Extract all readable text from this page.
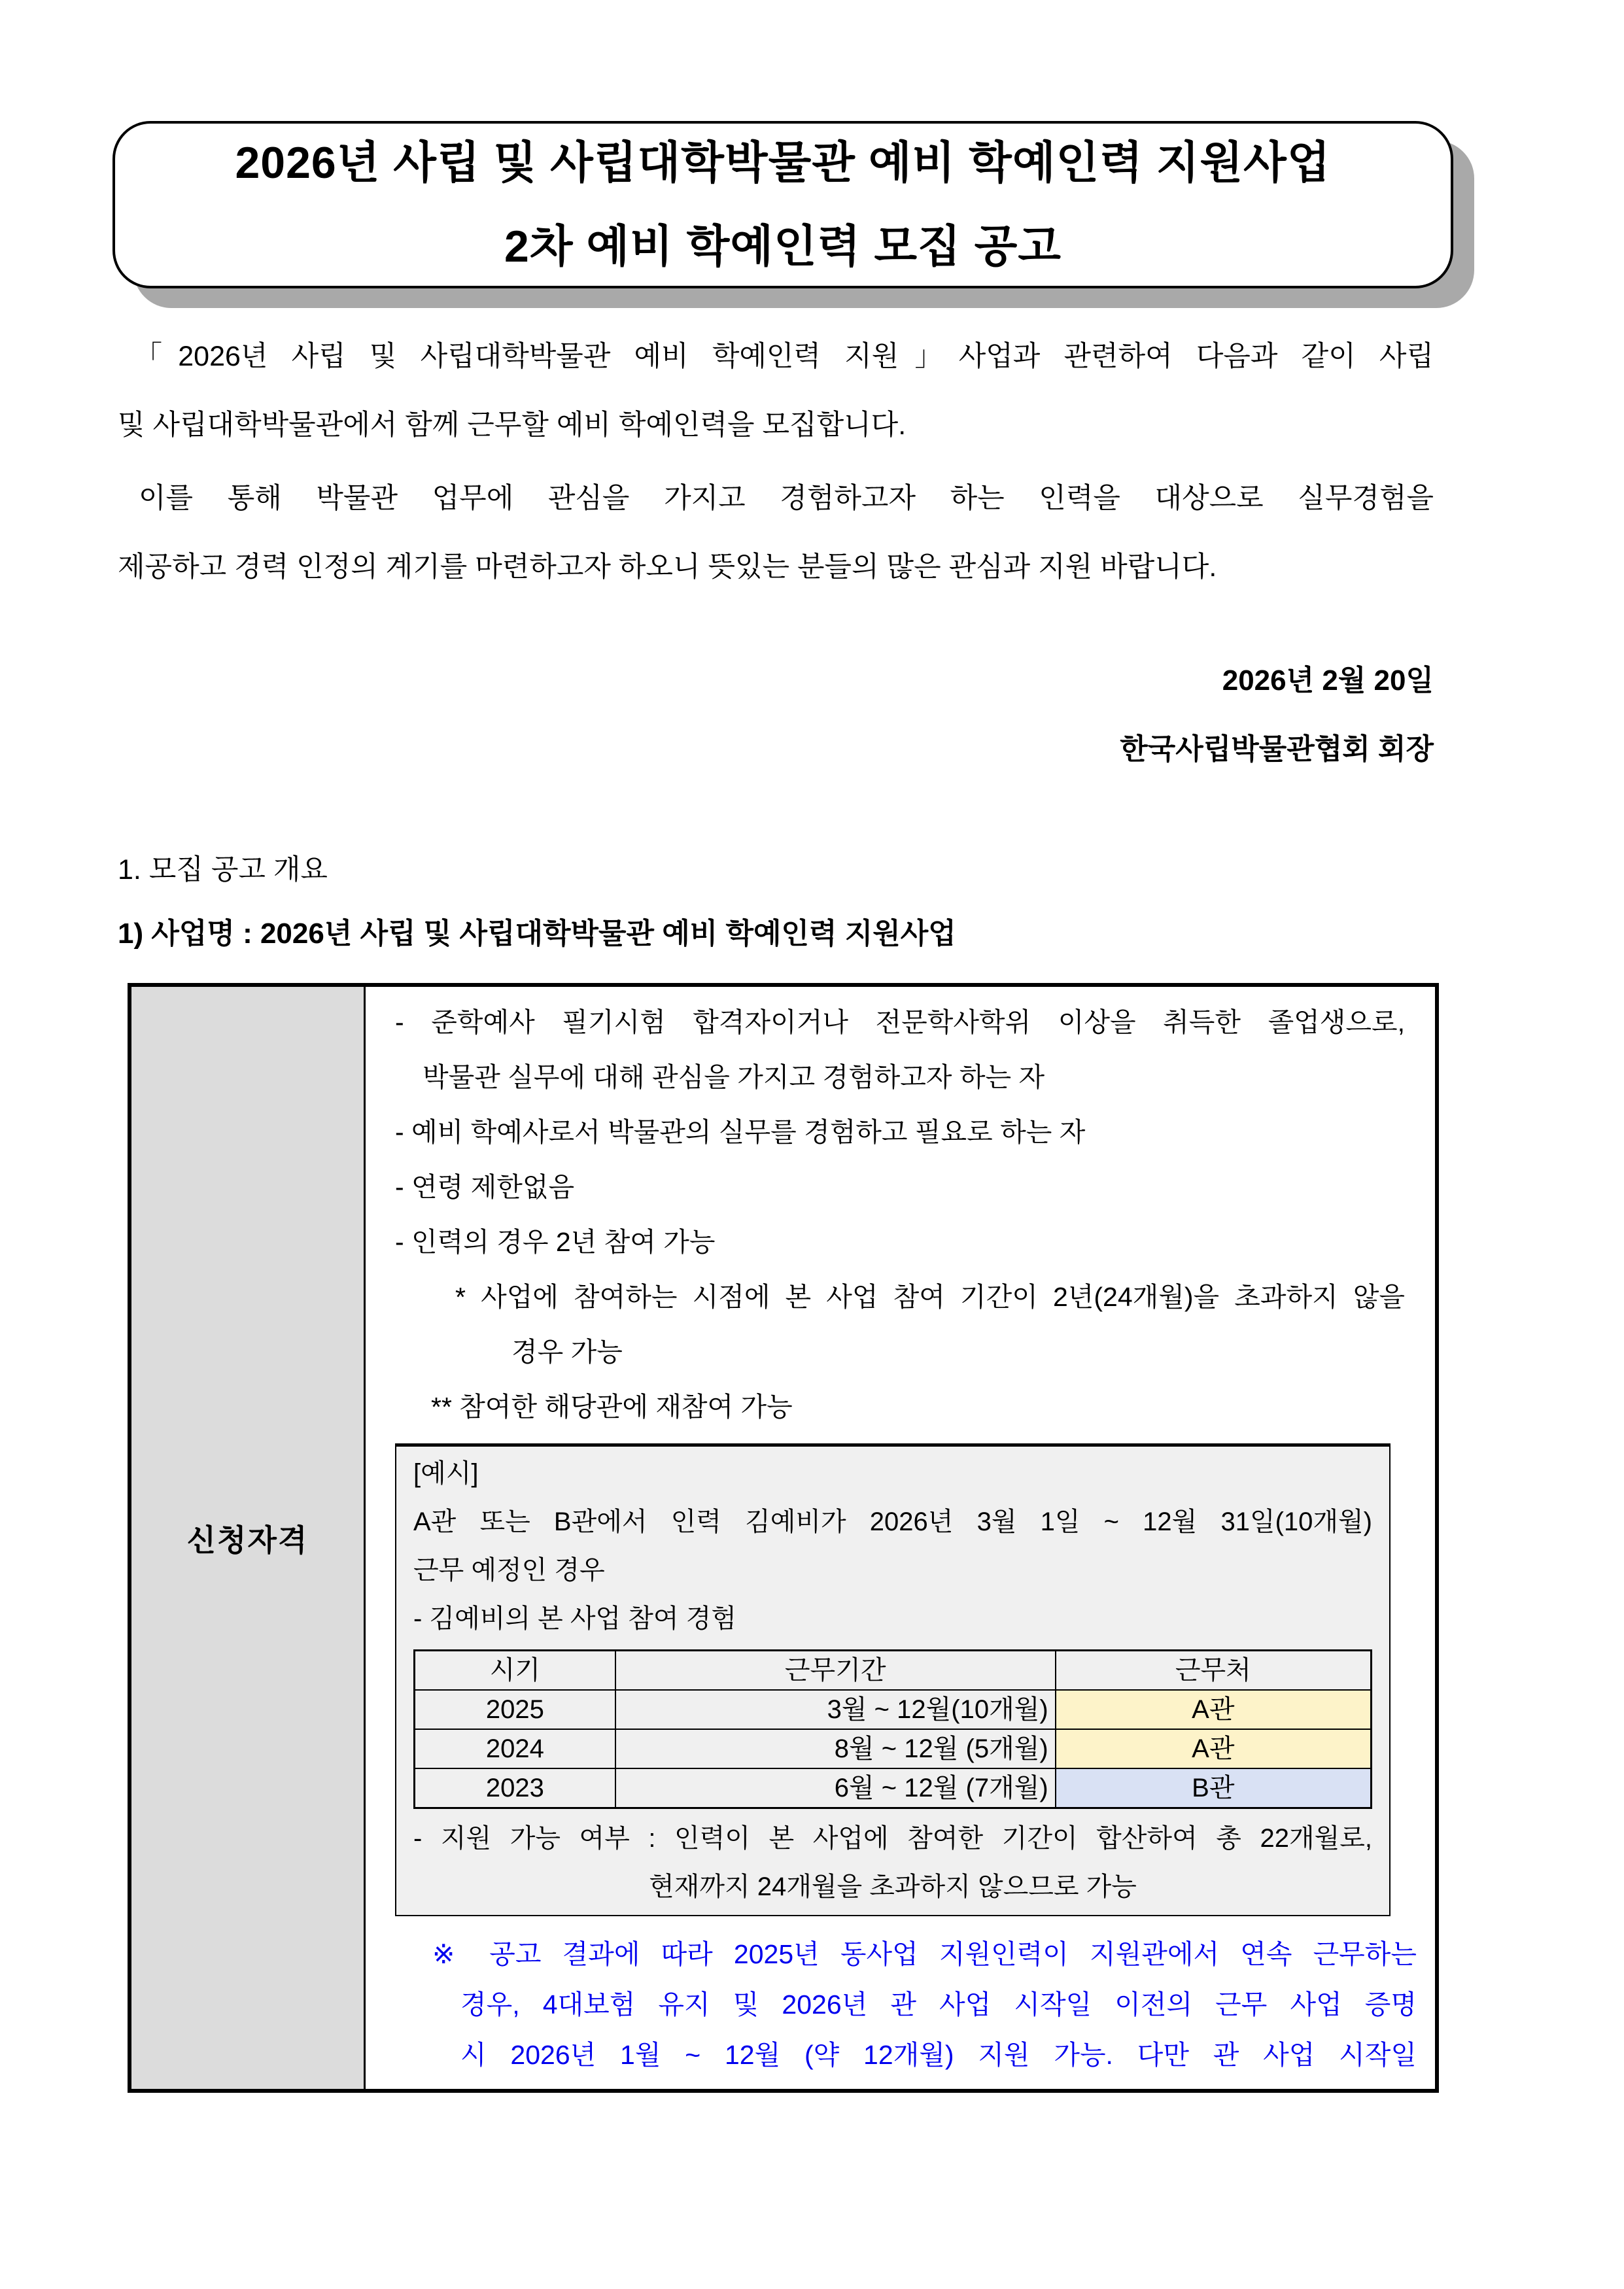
2026년 사립 및 사립대학박물관 예비 학예인력 지원사업
2차 예비 학예인력 모집 공고
「2026년 사립 및 사립대학박물관 예비 학예인력 지원」사업과 관련하여 다음과 같이 사립
및 사립대학박물관에서 함께 근무할 예비 학예인력을 모집합니다.
이를 통해 박물관 업무에 관심을 가지고 경험하고자 하는 인력을 대상으로 실무경험을
제공하고 경력 인정의 계기를 마련하고자 하오니 뜻있는 분들의 많은 관심과 지원 바랍니다.
2026년 2월 20일
한국사립박물관협회 회장
1. 모집 공고 개요
1) 사업명 : 2026년 사립 및 사립대학박물관 예비 학예인력 지원사업
신청자격
- 준학예사 필기시험 합격자이거나 전문학사학위 이상을 취득한 졸업생으로,
박물관 실무에 대해 관심을 가지고 경험하고자 하는 자
- 예비 학예사로서 박물관의 실무를 경험하고 필요로 하는 자
- 연령 제한없음
- 인력의 경우 2년 참여 가능
* 사업에 참여하는 시점에 본 사업 참여 기간이 2년(24개월)을 초과하지 않을
경우 가능
** 참여한 해당관에 재참여 가능
[예시]
A관 또는 B관에서 인력 김예비가 2026년 3월 1일 ~ 12월 31일(10개월)
근무 예정인 경우
- 김예비의 본 사업 참여 경험
시기	근무기간	근무처
2025	3월 ~ 12월(10개월)	A관
2024	8월 ~ 12월 (5개월)	A관
2023	6월 ~ 12월 (7개월)	B관
- 지원 가능 여부 : 인력이 본 사업에 참여한 기간이 합산하여 총 22개월로,
현재까지 24개월을 초과하지 않으므로 가능
※ 공고 결과에 따라 2025년 동사업 지원인력이 지원관에서 연속 근무하는
경우, 4대보험 유지 및 2026년 관 사업 시작일 이전의 근무 사업 증명
시 2026년 1월 ~ 12월 (약 12개월) 지원 가능. 다만 관 사업 시작일
